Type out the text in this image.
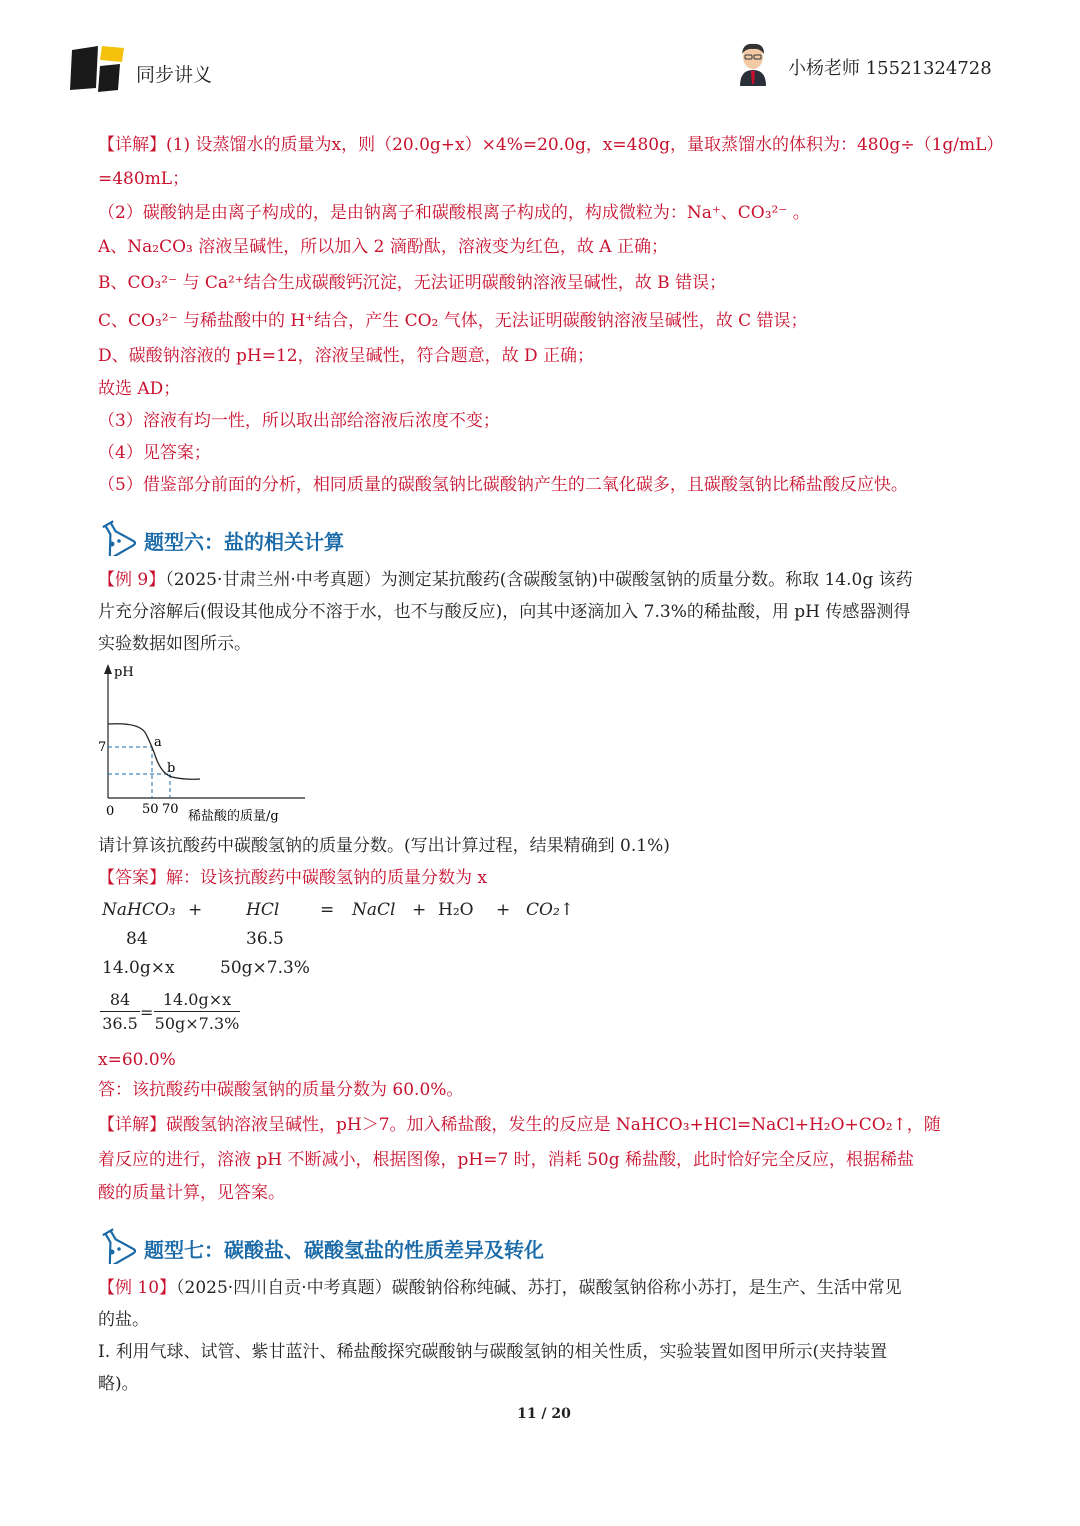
同步讲义	小杨老师 15521324728
【详解】(1) 设蒸馏水的质量为x，则（20.0g+x）×4%=20.0g，x=480g，量取蒸馏水的体积为：480g÷（1g/mL）
=480mL；
（2）碳酸钠是由离子构成的，是由钠离子和碳酸根离子构成的，构成微粒为：Na⁺、CO₃²⁻ 。
A、Na₂CO₃ 溶液呈碱性，所以加入 2 滴酚酞，溶液变为红色，故 A 正确；
B、CO₃²⁻ 与 Ca²⁺结合生成碳酸钙沉淀，无法证明碳酸钠溶液呈碱性，故 B 错误；
C、CO₃²⁻ 与稀盐酸中的 H⁺结合，产生 CO₂ 气体，无法证明碳酸钠溶液呈碱性，故 C 错误；
D、碳酸钠溶液的 pH=12，溶液呈碱性，符合题意，故 D 正确；
故选 AD；
（3）溶液有均一性，所以取出部给溶液后浓度不变；
（4）见答案；
（5）借鉴部分前面的分析，相同质量的碳酸氢钠比碳酸钠产生的二氧化碳多，且碳酸氢钠比稀盐酸反应快。
题型六：盐的相关计算
【例 9】（2025·甘肃兰州·中考真题）为测定某抗酸药(含碳酸氢钠)中碳酸氢钠的质量分数。称取 14.0g 该药
片充分溶解后(假设其他成分不溶于水，也不与酸反应)，向其中逐滴加入 7.3%的稀盐酸，用 pH 传感器测得
实验数据如图所示。
pH
稀盐酸的质量/g
0 50 70
7	a
b
请计算该抗酸药中碳酸氢钠的质量分数。(写出计算过程，结果精确到 0.1%)
【答案】解：设该抗酸药中碳酸氢钠的质量分数为 x
NaHCO₃ +	HCl = NaCl + H₂O + CO₂↑
84	36.5
14.0g×x	50g×7.3%
$\frac{84}{36.5} = \frac{14.0g\times x}{50g\times 7.3\%}$
x=60.0%
答：该抗酸药中碳酸氢钠的质量分数为 60.0%。
【详解】碳酸氢钠溶液呈碱性，pH＞7。加入稀盐酸，发生的反应是 NaHCO₃+HCl=NaCl+H₂O+CO₂↑，随
着反应的进行，溶液 pH 不断减小，根据图像，pH=7 时，消耗 50g 稀盐酸，此时恰好完全反应，根据稀盐
酸的质量计算，见答案。
题型七：碳酸盐、碳酸氢盐的性质差异及转化
【例 10】（2025·四川自贡·中考真题）碳酸钠俗称纯碱、苏打，碳酸氢钠俗称小苏打，是生产、生活中常见
的盐。
I. 利用气球、试管、紫甘蓝汁、稀盐酸探究碳酸钠与碳酸氢钠的相关性质，实验装置如图甲所示(夹持装置
略)。
11 / 20
